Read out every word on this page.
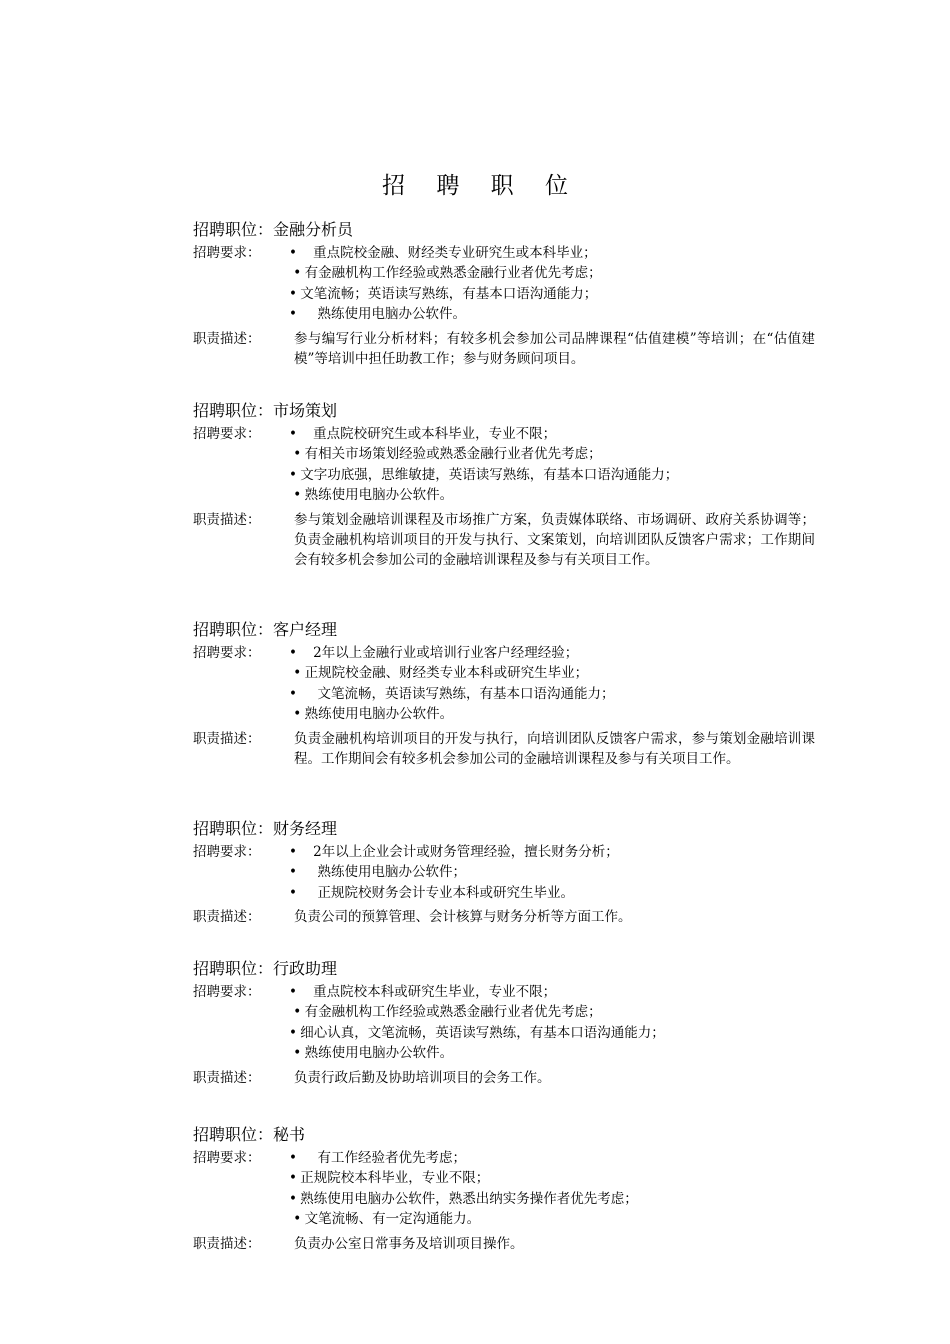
招 聘 职 位
招聘职位：金融分析员
招聘要求：	• 重点院校金融、财经类专业研究生或本科毕业；
• 有金融机构工作经验或熟悉金融行业者优先考虑；
• 文笔流畅；英语读写熟练，有基本口语沟通能力；
• 熟练使用电脑办公软件。
职责描述：	参与编写行业分析材料；有较多机会参加公司品牌课程“估值建模”等培训；在“估值建模”等培训中担任助教工作；参与财务顾问项目。
招聘职位：市场策划
招聘要求：	• 重点院校研究生或本科毕业，专业不限；
• 有相关市场策划经验或熟悉金融行业者优先考虑；
• 文字功底强，思维敏捷，英语读写熟练，有基本口语沟通能力；
• 熟练使用电脑办公软件。
职责描述：	参与策划金融培训课程及市场推广方案，负责媒体联络、市场调研、政府关系协调等；负责金融机构培训项目的开发与执行、文案策划，向培训团队反馈客户需求；工作期间会有较多机会参加公司的金融培训课程及参与有关项目工作。
招聘职位：客户经理
招聘要求：	• 2年以上金融行业或培训行业客户经理经验；
• 正规院校金融、财经类专业本科或研究生毕业；
• 文笔流畅，英语读写熟练，有基本口语沟通能力；
• 熟练使用电脑办公软件。
职责描述：	负责金融机构培训项目的开发与执行，向培训团队反馈客户需求，参与策划金融培训课程。工作期间会有较多机会参加公司的金融培训课程及参与有关项目工作。
招聘职位：财务经理
招聘要求：	• 2年以上企业会计或财务管理经验，擅长财务分析；
• 熟练使用电脑办公软件；
• 正规院校财务会计专业本科或研究生毕业。
职责描述：	负责公司的预算管理、会计核算与财务分析等方面工作。
招聘职位：行政助理
招聘要求：	• 重点院校本科或研究生毕业，专业不限；
• 有金融机构工作经验或熟悉金融行业者优先考虑；
• 细心认真，文笔流畅，英语读写熟练，有基本口语沟通能力；
• 熟练使用电脑办公软件。
职责描述：	负责行政后勤及协助培训项目的会务工作。
招聘职位：秘书
招聘要求：	• 有工作经验者优先考虑；
• 正规院校本科毕业，专业不限；
• 熟练使用电脑办公软件，熟悉出纳实务操作者优先考虑；
• 文笔流畅、有一定沟通能力。
职责描述：	负责办公室日常事务及培训项目操作。
